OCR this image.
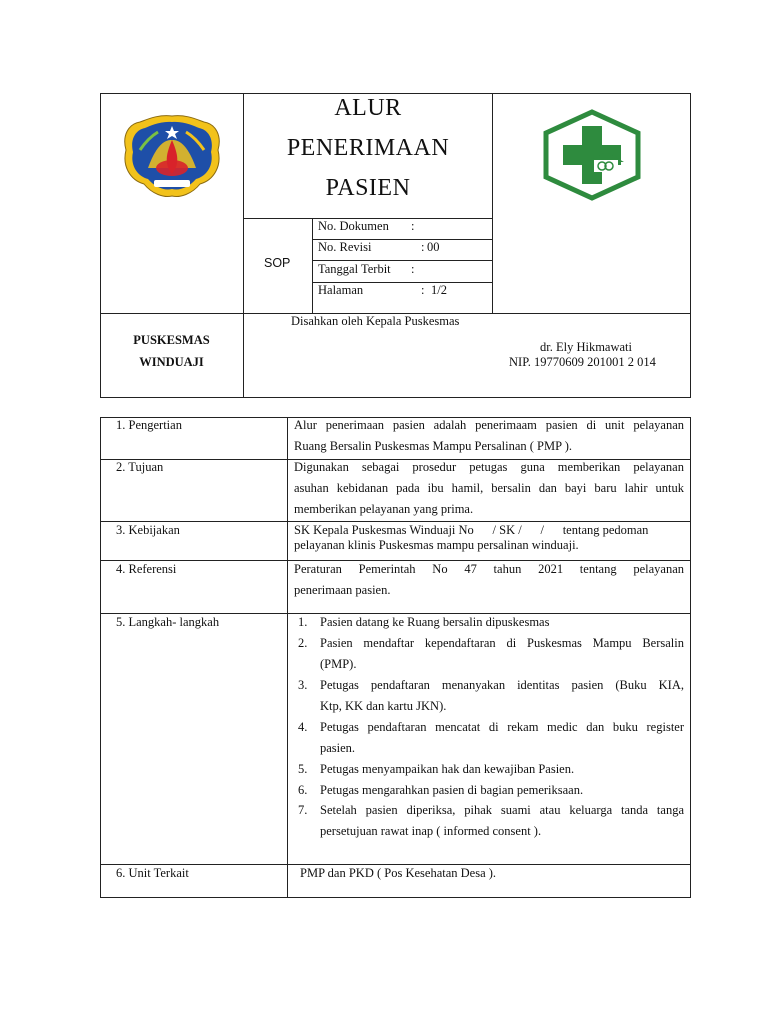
ALUR
PENERIMAAN
PASIEN
SOP
No. Dokumen :
No. Revisi	: 00
Tanggal Terbit :
Halaman	: 1/2
PUSKESMAS
WINDUAJI
Disahkan oleh Kepala Puskesmas
dr. Ely Hikmawati
NIP. 19770609 201001 2 014
1. Pengertian	Alur penerimaan pasien adalah penerimaam pasien di unit pelayanan
Ruang Bersalin Puskesmas Mampu Persalinan ( PMP ).
2. Tujuan	Digunakan sebagai prosedur petugas guna memberikan pelayanan
asuhan kebidanan pada ibu hamil, bersalin dan bayi baru lahir untuk
memberikan pelayanan yang prima.
3. Kebijakan	SK Kepala Puskesmas Winduaji No      / SK /      /      tentang pedoman
pelayanan klinis Puskesmas mampu persalinan winduaji.
4. Referensi	Peraturan Pemerintah No 47 tahun 2021 tentang pelayanan
penerimaan pasien.
5. Langkah- langkah	1. Pasien datang ke Ruang bersalin dipuskesmas
2. Pasien mendaftar kependaftaran di Puskesmas Mampu Bersalin
(PMP).
3. Petugas pendaftaran menanyakan identitas pasien (Buku KIA,
Ktp, KK dan kartu JKN).
4. Petugas pendaftaran mencatat di rekam medic dan buku register
pasien.
5. Petugas menyampaikan hak dan kewajiban Pasien.
6. Petugas mengarahkan pasien di bagian pemeriksaan.
7. Setelah pasien diperiksa, pihak suami atau keluarga tanda tanga
persetujuan rawat inap ( informed consent ).
6. Unit Terkait	PMP dan PKD ( Pos Kesehatan Desa ).
